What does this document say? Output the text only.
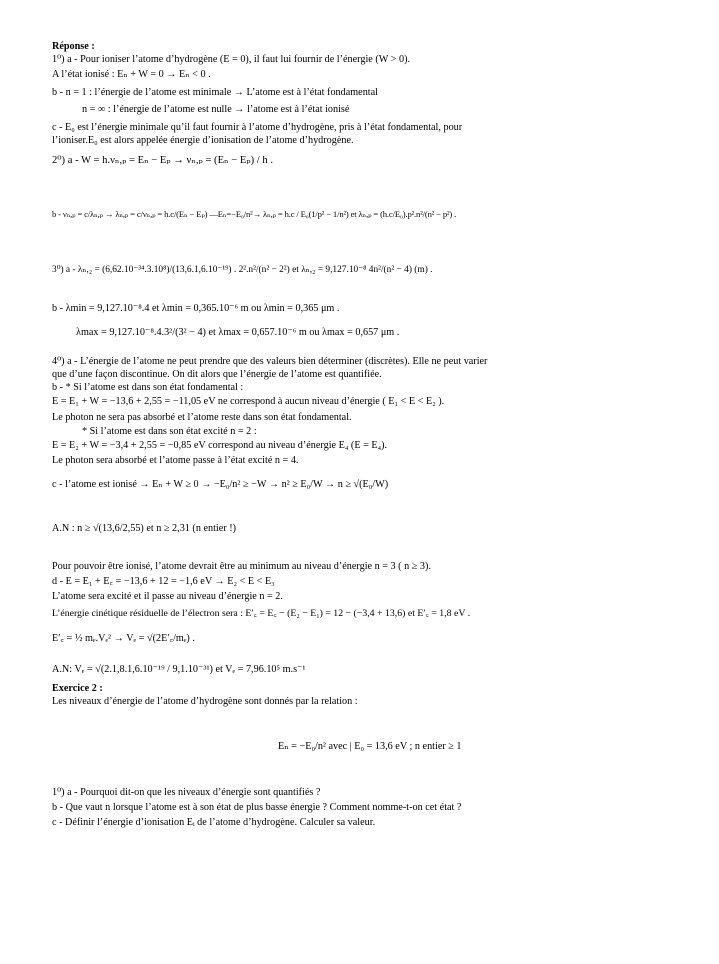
Réponse :
1⁰) a - Pour ioniser l’atome d’hydrogène (E = 0), il faut lui fournir de l’énergie (W > 0).
A l’état ionisé : Eₙ + W = 0 → Eₙ < 0 .
b - n = 1 : l’énergie de l’atome est minimale → L’atome est à l’état fondamental
n = ∞ : l’énergie de l’atome est nulle → l’atome est à l’état ionisé
c - E₀ est l’énergie minimale qu’il faut fournir à l’atome d’hydrogène, pris à l’état fondamental, pour
l’ioniser.E₀ est alors appelée énergie d’ionisation de l’atome d’hydrogène.
2⁰) a - W = h.νₙ,ₚ = Eₙ − Eₚ → νₙ,ₚ = (Eₙ − Eₚ) / h .
b - νₙ,ₚ = c/λₙ,ₚ → λₙ,ₚ = c/νₙ,ₚ = h.c/(Eₙ − Eₚ) —Eₙ=−E₀/n²→ λₙ,ₚ = h.c / E₀(1/p² − 1/n²) et λₙ,ₚ = (h.c/E₀).p².n²/(n² − p²) .
3⁰) a - λₙ,₂ = (6,62.10⁻³⁴.3.10⁸)/(13,6.1,6.10⁻¹⁹) . 2².n²/(n² − 2²) et λₙ,₂ = 9,127.10⁻⁸ 4n²/(n² − 4) (m) .
b - λmin = 9,127.10⁻⁸.4 et λmin = 0,365.10⁻⁶ m ou λmin = 0,365 μm .
λmax = 9,127.10⁻⁸.4.3²/(3² − 4) et λmax = 0,657.10⁻⁶ m ou λmax = 0,657 μm .
4⁰) a - L’énergie de l’atome ne peut prendre que des valeurs bien déterminer (discrètes). Elle ne peut varier
que d’une façon discontinue. On dit alors que l’énergie de l’atome est quantifiée.
b - * Si l’atome est dans son état fondamental :
E = E₁ + W = −13,6 + 2,55 = −11,05 eV ne correspond à aucun niveau d’énergie ( E₁ < E < E₂ ).
Le photon ne sera pas absorbé et l’atome reste dans son état fondamental.
* Si l’atome est dans son état excité n = 2 :
E = E₂ + W = −3,4 + 2,55 = −0,85 eV correspond au niveau d’énergie E₄ (E = E₄).
Le photon sera absorbé et l’atome passe à l’état excité n = 4.
c - l’atome est ionisé → Eₙ + W ≥ 0 → −E₀/n² ≥ −W → n² ≥ E₀/W → n ≥ √(E₀/W)
A.N : n ≥ √(13,6/2,55) et n ≥ 2,31 (n entier !)
Pour pouvoir être ionisé, l’atome devrait être au minimum au niveau d’énergie n = 3 ( n ≥ 3).
d - E = E₁ + E꜀ = −13,6 + 12 = −1,6 eV → E₂ < E < E₃
L’atome sera excité et il passe au niveau d’énergie n = 2.
L’énergie cinétique résiduelle de l’électron sera : E′꜀ = E꜀ − (E₂ − E₁) = 12 − (−3,4 + 13,6) et E′꜀ = 1,8 eV .
E′꜀ = ½ mₑ.Vₑ² → Vₑ = √(2E′꜀/mₑ) .
A.N: Vₑ = √(2.1,8.1,6.10⁻¹⁹ / 9,1.10⁻³¹) et Vₑ = 7,96.10⁵ m.s⁻¹
Exercice 2 :
Les niveaux d’énergie de l’atome d’hydrogène sont donnés par la relation :
Eₙ = −E₀/n² avec | E₀ = 13,6 eV ; n entier ≥ 1
1⁰) a - Pourquoi dit-on que les niveaux d’énergie sont quantifiés ?
b - Que vaut n lorsque l’atome est à son état de plus basse énergie ? Comment nomme-t-on cet état ?
c - Définir l’énergie d’ionisation Eᵢ de l’atome d’hydrogène. Calculer sa valeur.
